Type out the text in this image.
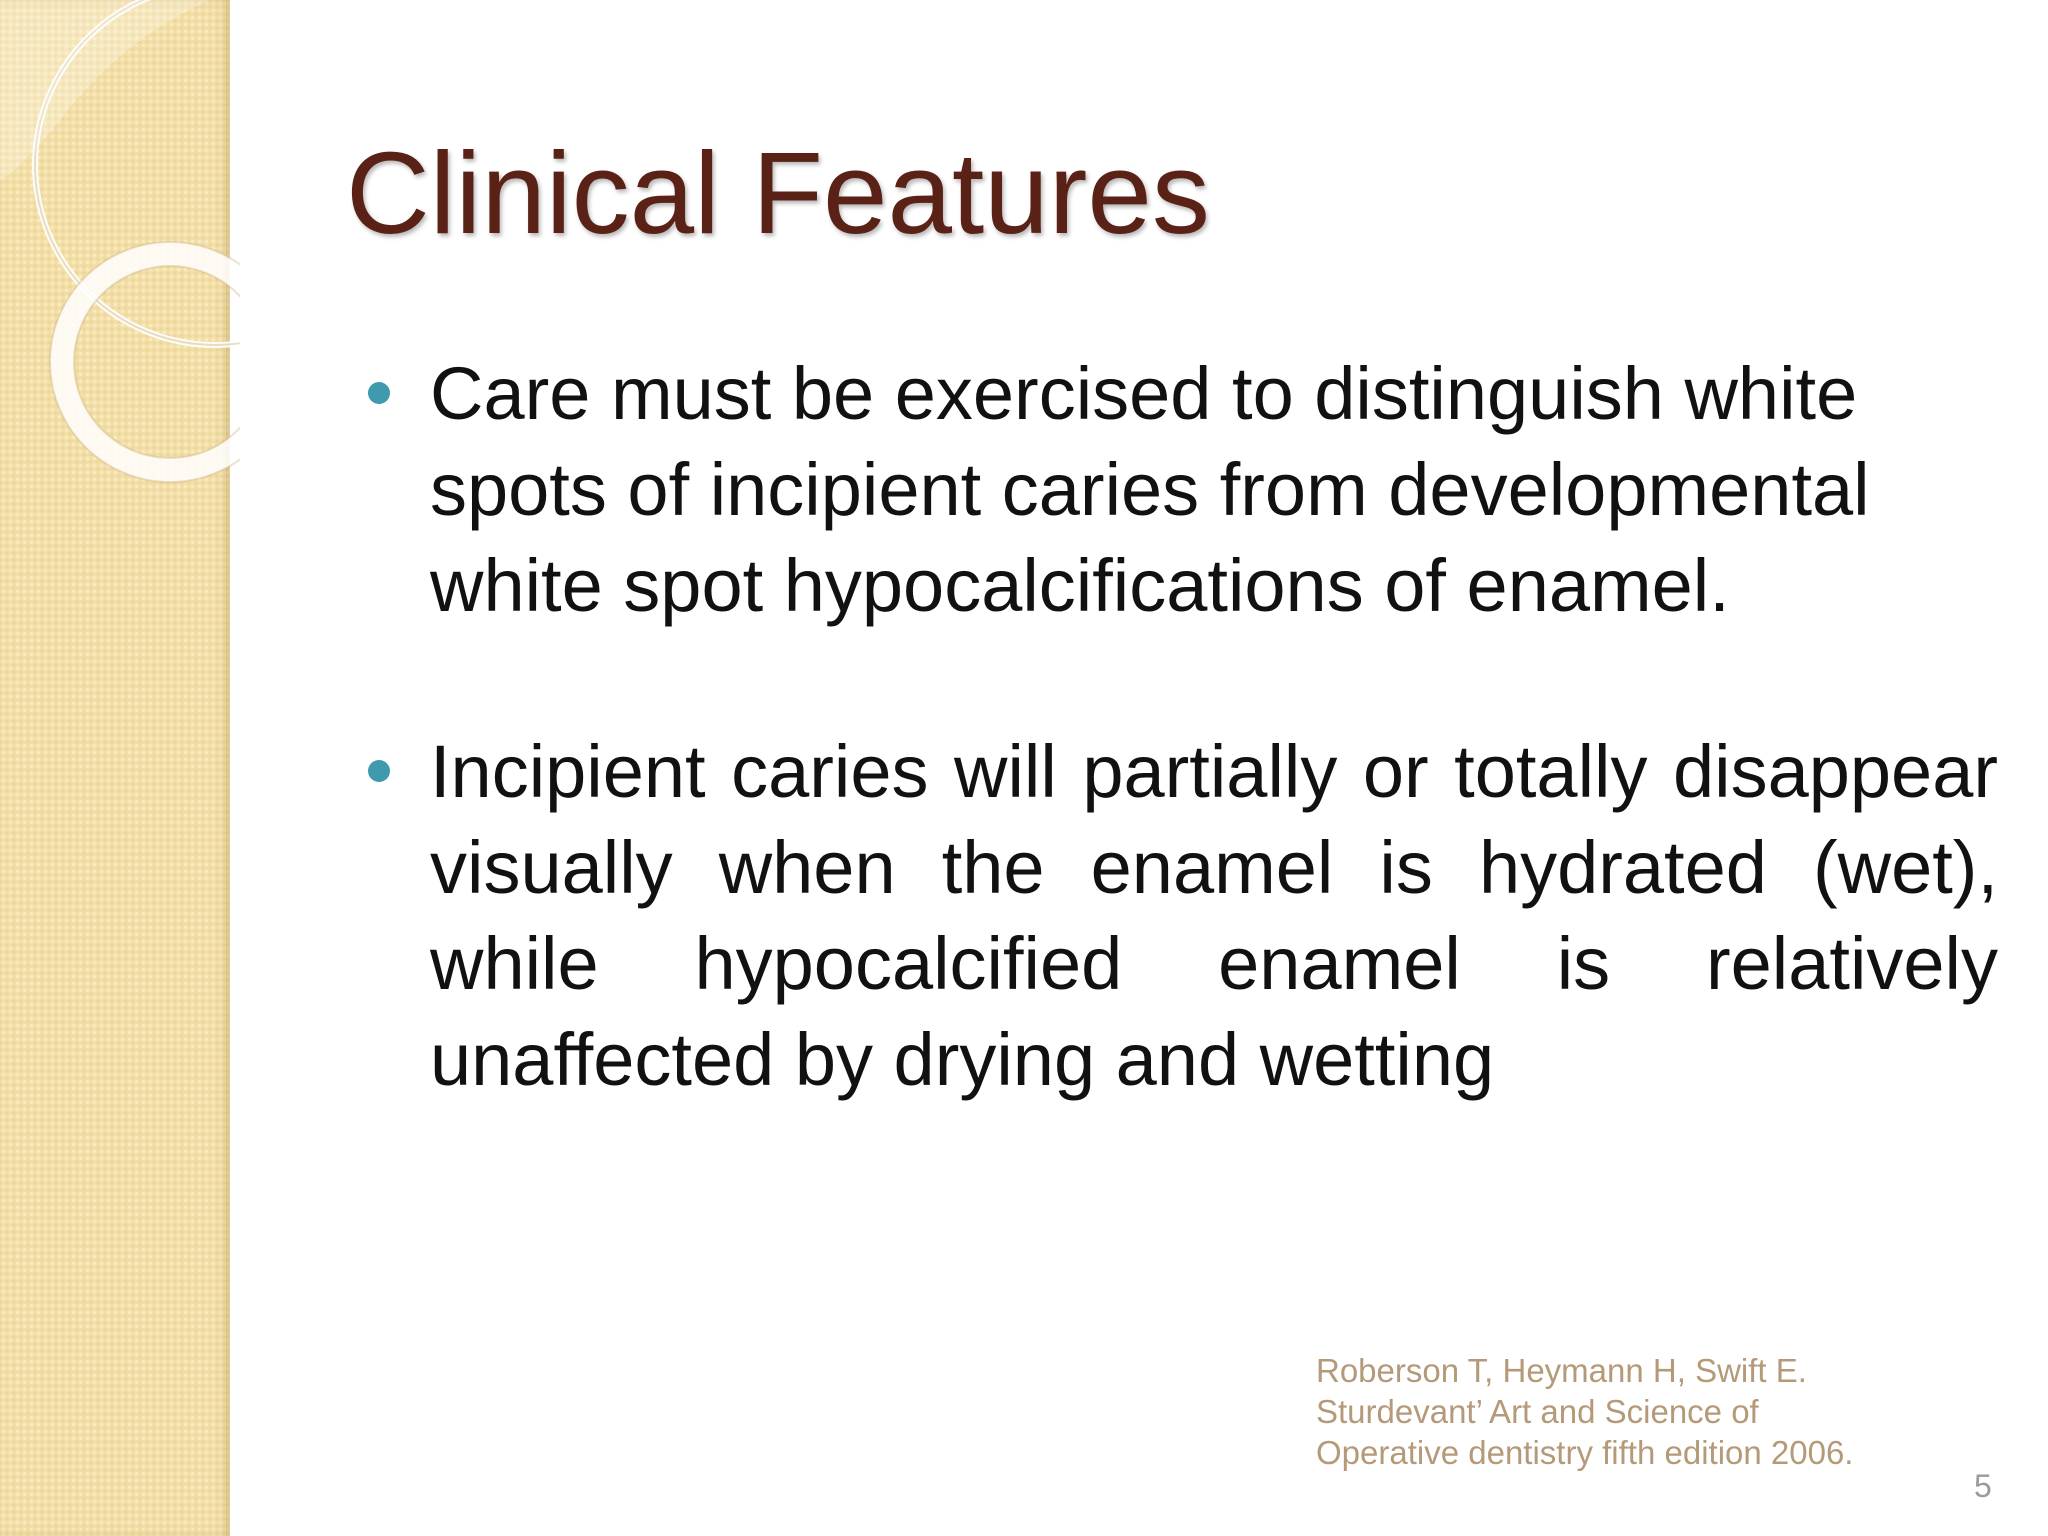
Clinical Features
Care must be exercised to distinguish white spots of incipient caries from developmental white spot hypocalcifications of enamel.
Incipient caries will partially or totally disappear visually when the enamel is hydrated (wet), while hypocalcified enamel is relatively unaffected by drying and wetting
Roberson T, Heymann H, Swift E.
Sturdevant’ Art and Science of
Operative dentistry fifth edition 2006.
5
